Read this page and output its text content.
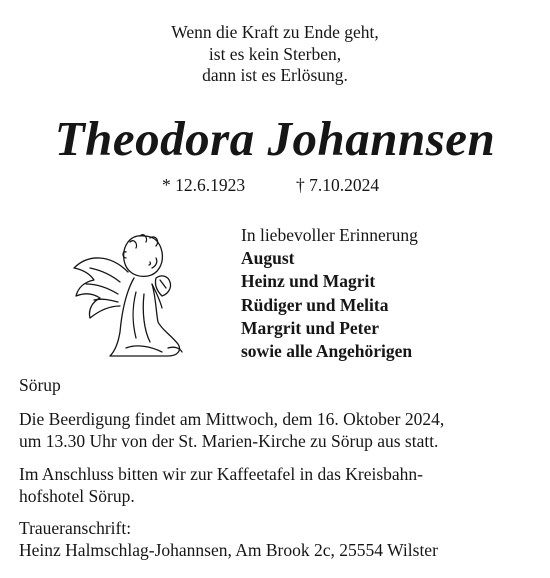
Wenn die Kraft zu Ende geht,
ist es kein Sterben,
dann ist es Erlösung.
Theodora Johannsen
* 12.6.1923	† 7.10.2024
In liebevoller Erinnerung
August
Heinz und Magrit
Rüdiger und Melita
Margrit und Peter
sowie alle Angehörigen
Sörup
Die Beerdigung findet am Mittwoch, dem 16. Oktober 2024,
um 13.30 Uhr von der St. Marien-Kirche zu Sörup aus statt.
Im Anschluss bitten wir zur Kaffeetafel in das Kreisbahn-
hofshotel Sörup.
Traueranschrift:
Heinz Halmschlag-Johannsen, Am Brook 2c, 25554 Wilster
